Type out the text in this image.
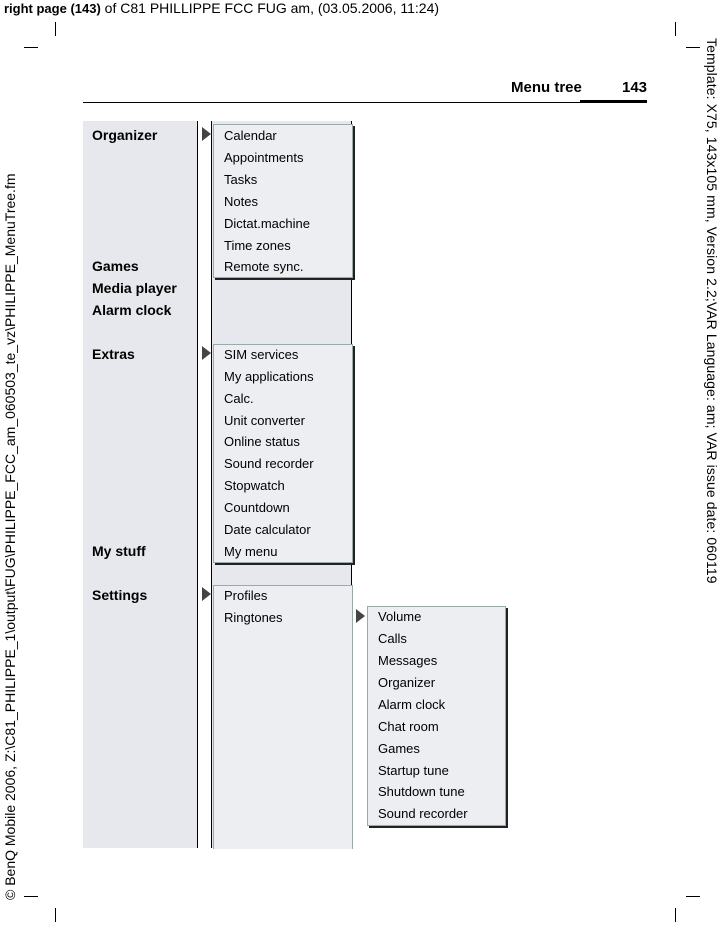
right page (143) of C81 PHILLIPPE FCC FUG am, (03.05.2006, 11:24)
Template: X75, 143x105 mm, Version 2.2;VAR Language: am; VAR issue date: 060119
© BenQ Mobile 2006, Z:\C81_PHILIPPE_1\output\FUG\PHILIPPE_FCC_am_060503_te_vz\PHILIPPE_MenuTree.fm
Menu tree	143
Organizer
Games
Media player
Alarm clock
Extras
My stuff
Settings
Calendar
Appointments
Tasks
Notes
Dictat.machine
Time zones
Remote sync.
SIM services
My applications
Calc.
Unit converter
Online status
Sound recorder
Stopwatch
Countdown
Date calculator
My menu
Profiles
Ringtones	Volume
Calls
Messages
Organizer
Alarm clock
Chat room
Games
Startup tune
Shutdown tune
Sound recorder
